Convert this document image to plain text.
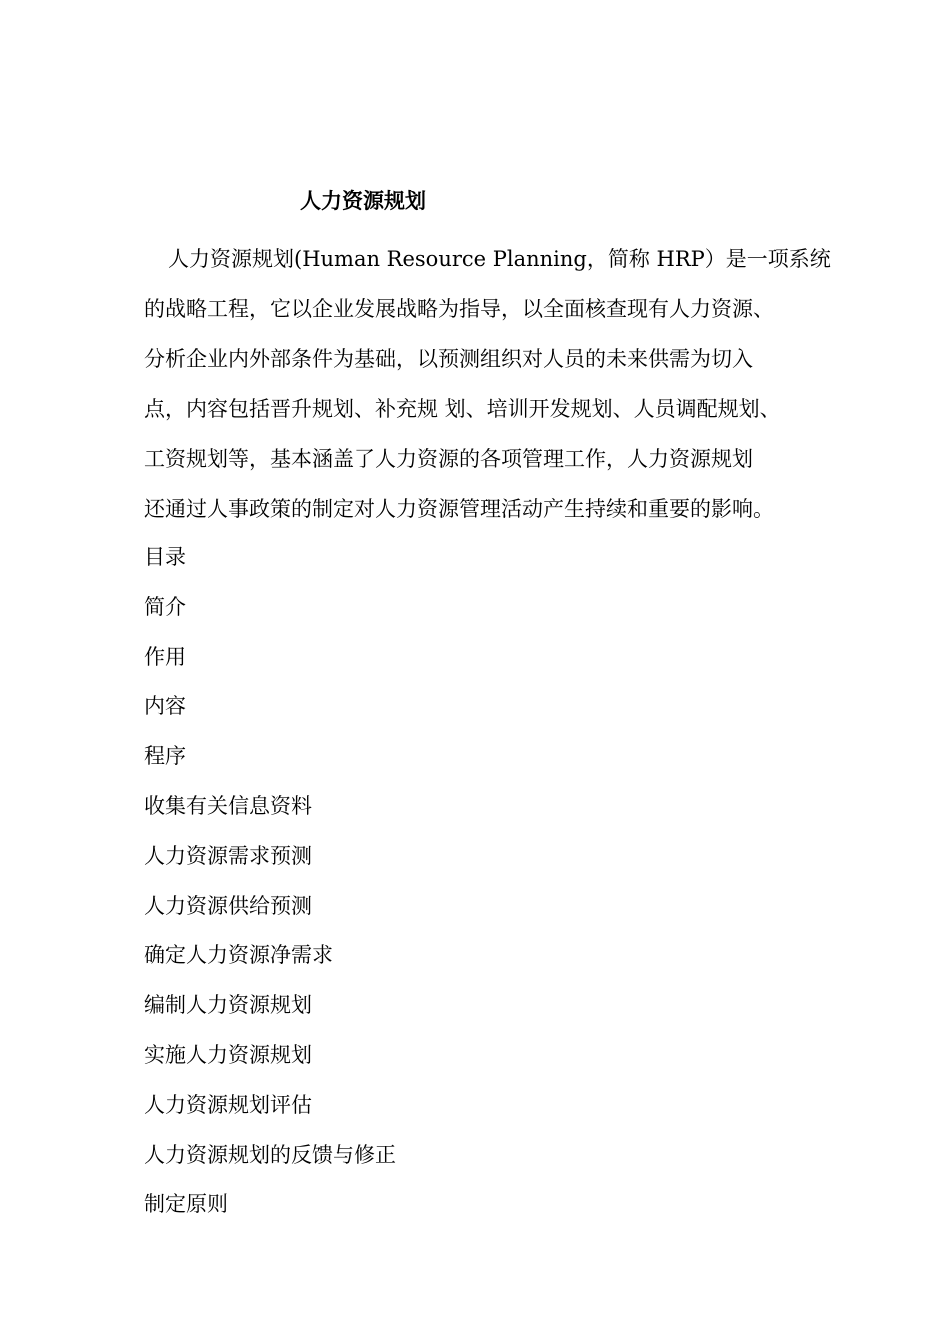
人力资源规划
人力资源规划(Human Resource Planning，简称 HRP）是一项系统
的战略工程，它以企业发展战略为指导，以全面核查现有人力资源、
分析企业内外部条件为基础，以预测组织对人员的未来供需为切入
点，内容包括晋升规划、补充规 划、培训开发规划、人员调配规划、
工资规划等，基本涵盖了人力资源的各项管理工作，人力资源规划
还通过人事政策的制定对人力资源管理活动产生持续和重要的影响。
目录
简介
作用
内容
程序
收集有关信息资料
人力资源需求预测
人力资源供给预测
确定人力资源净需求
编制人力资源规划
实施人力资源规划
人力资源规划评估
人力资源规划的反馈与修正
制定原则
